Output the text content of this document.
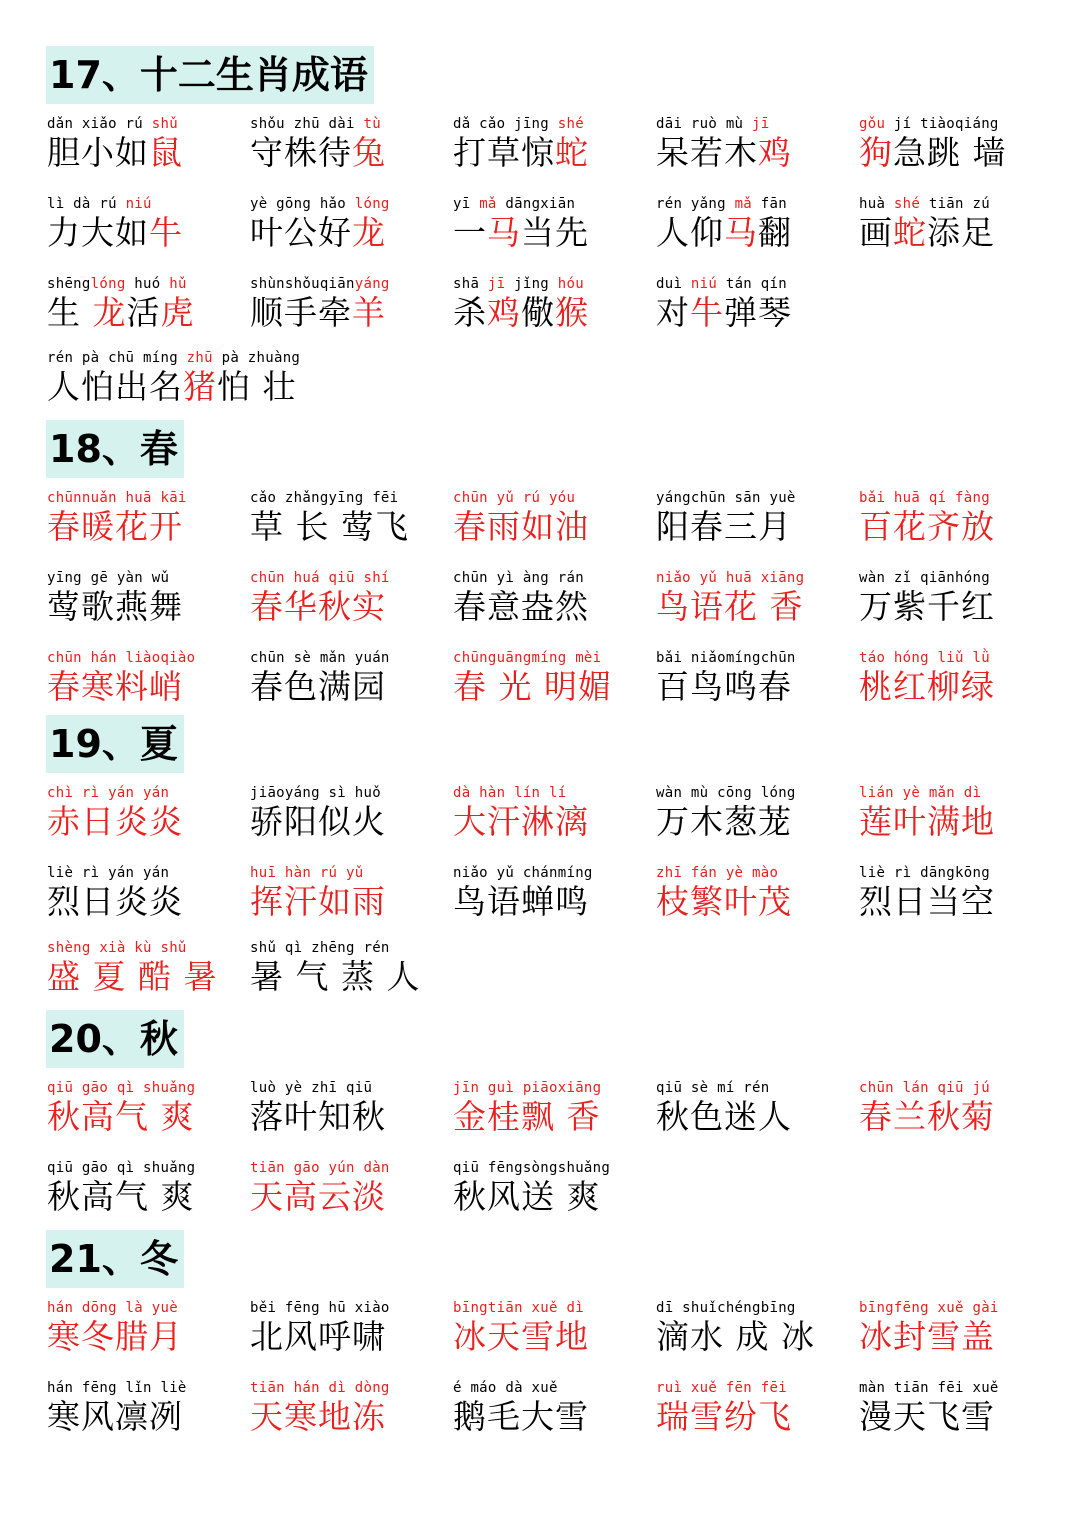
17、十二生肖成语
dǎn xiǎo rú shǔ
胆小如鼠
shǒu zhū dài tù
守株待兔
dǎ cǎo jīng shé
打草惊蛇
dāi ruò mù jī
呆若木鸡
gǒu jí tiàoqiáng
狗急跳 墙
lì dà rú niú
力大如牛
yè gōng hǎo lóng
叶公好龙
yī mǎ dāngxiān
一马当先
rén yǎng mǎ fān
人仰马翻
huà shé tiān zú
画蛇添足
shēnglóng huó hǔ
生 龙活虎
shùnshǒuqiānyáng
顺手牵羊
shā jī jǐng hóu
杀鸡儆猴
duì niú tán qín
对牛弹琴
rén pà chū míng zhū pà zhuàng
人怕出名猪怕 壮
18、春
chūnnuǎn huā kāi
春暖花开
cǎo zhǎngyīng fēi
草 长 莺飞
chūn yǔ rú yóu
春雨如油
yángchūn sān yuè
阳春三月
bǎi huā qí fàng
百花齐放
yīng gē yàn wǔ
莺歌燕舞
chūn huá qiū shí
春华秋实
chūn yì àng rán
春意盎然
niǎo yǔ huā xiāng
鸟语花 香
wàn zǐ qiānhóng
万紫千红
chūn hán liàoqiào
春寒料峭
chūn sè mǎn yuán
春色满园
chūnguāngmíng mèi
春 光 明媚
bǎi niǎomíngchūn
百鸟鸣春
táo hóng liǔ lǜ
桃红柳绿
19、夏
chì rì yán yán
赤日炎炎
jiāoyáng sì huǒ
骄阳似火
dà hàn lín lí
大汗淋漓
wàn mù cōng lóng
万木葱茏
lián yè mǎn dì
莲叶满地
liè rì yán yán
烈日炎炎
huī hàn rú yǔ
挥汗如雨
niǎo yǔ chánmíng
鸟语蝉鸣
zhī fán yè mào
枝繁叶茂
liè rì dāngkōng
烈日当空
shèng xià kù shǔ
盛 夏 酷 暑
shǔ qì zhēng rén
暑 气 蒸 人
20、秋
qiū gāo qì shuǎng
秋高气 爽
luò yè zhī qiū
落叶知秋
jīn guì piāoxiāng
金桂飘 香
qiū sè mí rén
秋色迷人
chūn lán qiū jú
春兰秋菊
qiū gāo qì shuǎng
秋高气 爽
tiān gāo yún dàn
天高云淡
qiū fēngsòngshuǎng
秋风送 爽
21、冬
hán dōng là yuè
寒冬腊月
běi fēng hū xiào
北风呼啸
bīngtiān xuě dì
冰天雪地
dī shuǐchéngbīng
滴水 成 冰
bīngfēng xuě gài
冰封雪盖
hán fēng lǐn liè
寒风凛冽
tiān hán dì dòng
天寒地冻
é máo dà xuě
鹅毛大雪
ruì xuě fēn fēi
瑞雪纷飞
màn tiān fēi xuě
漫天飞雪
